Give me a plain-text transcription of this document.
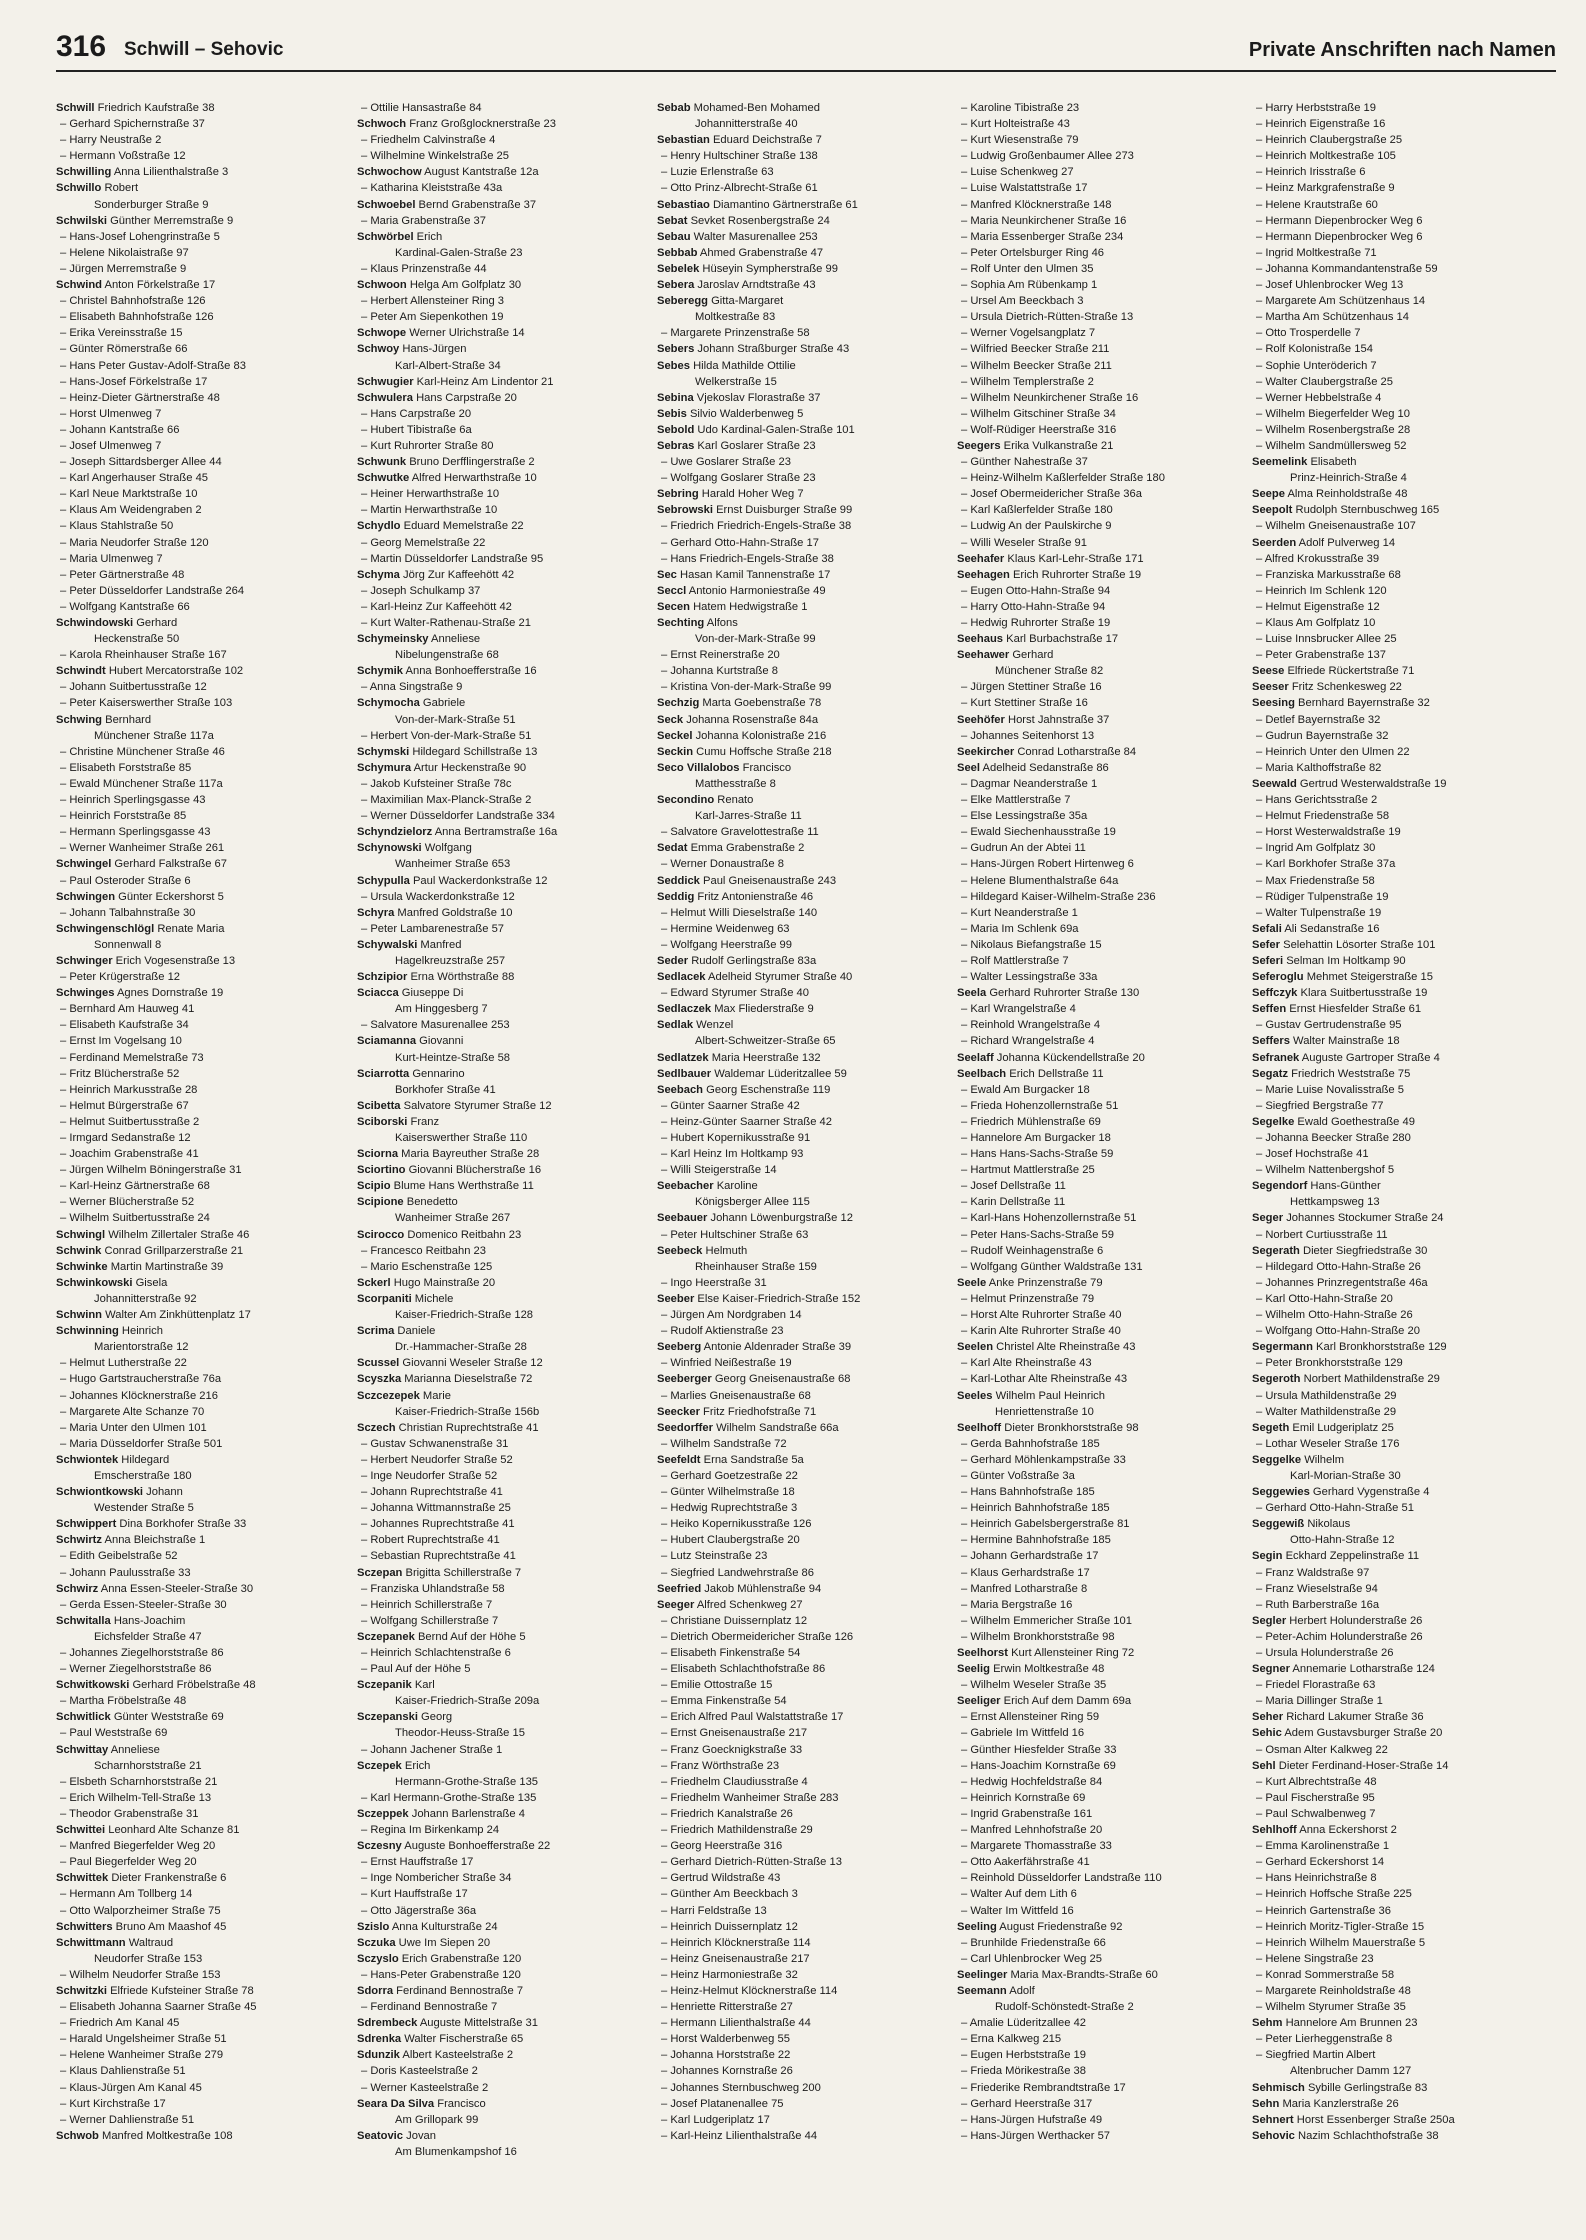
316 Schwill – Sehovic	Private Anschriften nach Namen
Schwill Friedrich Kaufstraße 38
– Gerhard Spichernstraße 37
– Harry Neustraße 2
– Hermann Voßstraße 12
Schwilling Anna Lilienthalstraße 3
Schwillo Robert
Sonderburger Straße 9
Schwilski Günther Merremstraße 9
– Hans-Josef Lohengrinstraße 5
– Helene Nikolaistraße 97
– Jürgen Merremstraße 9
Schwind Anton Förkelstraße 17
– Christel Bahnhofstraße 126
– Elisabeth Bahnhofstraße 126
– Erika Vereinsstraße 15
– Günter Römerstraße 66
– Hans Peter Gustav-Adolf-Straße 83
– Hans-Josef Förkelstraße 17
– Heinz-Dieter Gärtnerstraße 48
– Horst Ulmenweg 7
– Johann Kantstraße 66
– Josef Ulmenweg 7
– Joseph Sittardsberger Allee 44
– Karl Angerhauser Straße 45
– Karl Neue Marktstraße 10
– Klaus Am Weidengraben 2
– Klaus Stahlstraße 50
– Maria Neudorfer Straße 120
– Maria Ulmenweg 7
– Peter Gärtnerstraße 48
– Peter Düsseldorfer Landstraße 264
– Wolfgang Kantstraße 66
Schwindowski Gerhard
Heckenstraße 50
– Karola Rheinhauser Straße 167
Schwindt Hubert Mercatorstraße 102
– Johann Suitbertusstraße 12
– Peter Kaiserswerther Straße 103
Schwing Bernhard
Münchener Straße 117a
– Christine Münchener Straße 46
– Elisabeth Forststraße 85
– Ewald Münchener Straße 117a
– Heinrich Sperlingsgasse 43
– Heinrich Forststraße 85
– Hermann Sperlingsgasse 43
– Werner Wanheimer Straße 261
Schwingel Gerhard Falkstraße 67
– Paul Osteroder Straße 6
Schwingen Günter Eckershorst 5
– Johann Talbahnstraße 30
Schwingenschlögl Renate Maria
Sonnenwall 8
Schwinger Erich Vogesenstraße 13
– Peter Krügerstraße 12
Schwinges Agnes Dornstraße 19
– Bernhard Am Hauweg 41
– Elisabeth Kaufstraße 34
– Ernst Im Vogelsang 10
– Ferdinand Memelstraße 73
– Fritz Blücherstraße 52
– Heinrich Markusstraße 28
– Helmut Bürgerstraße 67
– Helmut Suitbertusstraße 2
– Irmgard Sedanstraße 12
– Joachim Grabenstraße 41
– Jürgen Wilhelm Böningerstraße 31
– Karl-Heinz Gärtnerstraße 68
– Werner Blücherstraße 52
– Wilhelm Suitbertusstraße 24
Schwingl Wilhelm Zillertaler Straße 46
Schwink Conrad Grillparzerstraße 21
Schwinke Martin Martinstraße 39
Schwinkowski Gisela
Johannitterstraße 92
Schwinn Walter Am Zinkhüttenplatz 17
Schwinning Heinrich
Marientorstraße 12
– Helmut Lutherstraße 22
– Hugo Gartstraucherstraße 76a
– Johannes Klöcknerstraße 216
– Margarete Alte Schanze 70
– Maria Unter den Ulmen 101
– Maria Düsseldorfer Straße 501
Schwiontek Hildegard
Emscherstraße 180
Schwiontkowski Johann
Westender Straße 5
Schwippert Dina Borkhofer Straße 33
Schwirtz Anna Bleichstraße 1
– Edith Geibelstraße 52
– Johann Paulusstraße 33
Schwirz Anna Essen-Steeler-Straße 30
– Gerda Essen-Steeler-Straße 30
Schwitalla Hans-Joachim
Eichsfelder Straße 47
– Johannes Ziegelhorststraße 86
– Werner Ziegelhorststraße 86
Schwitkowski Gerhard Fröbelstraße 48
– Martha Fröbelstraße 48
Schwitlick Günter Weststraße 69
– Paul Weststraße 69
Schwittay Anneliese
Scharnhorststraße 21
– Elsbeth Scharnhorststraße 21
– Erich Wilhelm-Tell-Straße 13
– Theodor Grabenstraße 31
Schwittei Leonhard Alte Schanze 81
– Manfred Biegerfelder Weg 20
– Paul Biegerfelder Weg 20
Schwittek Dieter Frankenstraße 6
– Hermann Am Tollberg 14
– Otto Walporzheimer Straße 75
Schwitters Bruno Am Maashof 45
Schwittmann Waltraud
Neudorfer Straße 153
– Wilhelm Neudorfer Straße 153
Schwitzki Elfriede Kufsteiner Straße 78
– Elisabeth Johanna Saarner Straße 45
– Friedrich Am Kanal 45
– Harald Ungelsheimer Straße 51
– Helene Wanheimer Straße 279
– Klaus Dahlienstraße 51
– Klaus-Jürgen Am Kanal 45
– Kurt Kirchstraße 17
– Werner Dahlienstraße 51
Schwob Manfred Moltkestraße 108
– Ottilie Hansastraße 84
Schwoch Franz Großglocknerstraße 23
– Friedhelm Calvinstraße 4
– Wilhelmine Winkelstraße 25
Schwochow August Kantstraße 12a
– Katharina Kleiststraße 43a
Schwoebel Bernd Grabenstraße 37
– Maria Grabenstraße 37
Schwörbel Erich
Kardinal-Galen-Straße 23
– Klaus Prinzenstraße 44
Schwoon Helga Am Golfplatz 30
– Herbert Allensteiner Ring 3
– Peter Am Siepenkothen 19
Schwope Werner Ulrichstraße 14
Schwoy Hans-Jürgen
Karl-Albert-Straße 34
Schwugier Karl-Heinz Am Lindentor 21
Schwulera Hans Carpstraße 20
– Hans Carpstraße 20
– Hubert Tibistraße 6a
– Kurt Ruhrorter Straße 80
Schwunk Bruno Derfflingerstraße 2
Schwutke Alfred Herwarthstraße 10
– Heiner Herwarthstraße 10
– Martin Herwarthstraße 10
Schydlo Eduard Memelstraße 22
– Georg Memelstraße 22
– Martin Düsseldorfer Landstraße 95
Schyma Jörg Zur Kaffeehött 42
– Joseph Schulkamp 37
– Karl-Heinz Zur Kaffeehött 42
– Kurt Walter-Rathenau-Straße 21
Schymeinsky Anneliese
Nibelungenstraße 68
Schymik Anna Bonhoefferstraße 16
– Anna Singstraße 9
Schymocha Gabriele
Von-der-Mark-Straße 51
– Herbert Von-der-Mark-Straße 51
Schymski Hildegard Schillstraße 13
Schymura Artur Heckenstraße 90
– Jakob Kufsteiner Straße 78c
– Maximilian Max-Planck-Straße 2
– Werner Düsseldorfer Landstraße 334
Schyndzielorz Anna Bertramstraße 16a
Schynowski Wolfgang
Wanheimer Straße 653
Schypulla Paul Wackerdonkstraße 12
– Ursula Wackerdonkstraße 12
Schyra Manfred Goldstraße 10
– Peter Lambarenestraße 57
Schywalski Manfred
Hagelkreuzstraße 257
Schzipior Erna Wörthstraße 88
Sciacca Giuseppe Di
Am Hinggesberg 7
– Salvatore Masurenallee 253
Sciamanna Giovanni
Kurt-Heintze-Straße 58
Sciarrotta Gennarino
Borkhofer Straße 41
Scibetta Salvatore Styrumer Straße 12
Sciborski Franz
Kaiserswerther Straße 110
Sciorna Maria Bayreuther Straße 28
Sciortino Giovanni Blücherstraße 16
Scipio Blume Hans Werthstraße 11
Scipione Benedetto
Wanheimer Straße 267
Scirocco Domenico Reitbahn 23
– Francesco Reitbahn 23
– Mario Eschenstraße 125
Sckerl Hugo Mainstraße 20
Scorpaniti Michele
Kaiser-Friedrich-Straße 128
Scrima Daniele
Dr.-Hammacher-Straße 28
Scussel Giovanni Weseler Straße 12
Scyszka Marianna Dieselstraße 72
Sczcezepek Marie
Kaiser-Friedrich-Straße 156b
Sczech Christian Ruprechtstraße 41
– Gustav Schwanenstraße 31
– Herbert Neudorfer Straße 52
– Inge Neudorfer Straße 52
– Johann Ruprechtstraße 41
– Johanna Wittmannstraße 25
– Johannes Ruprechtstraße 41
– Robert Ruprechtstraße 41
– Sebastian Ruprechtstraße 41
Sczepan Brigitta Schillerstraße 7
– Franziska Uhlandstraße 58
– Heinrich Schillerstraße 7
– Wolfgang Schillerstraße 7
Sczepanek Bernd Auf der Höhe 5
– Heinrich Schlachtenstraße 6
– Paul Auf der Höhe 5
Sczepanik Karl
Kaiser-Friedrich-Straße 209a
Sczepanski Georg
Theodor-Heuss-Straße 15
– Johann Jachener Straße 1
Sczepek Erich
Hermann-Grothe-Straße 135
– Karl Hermann-Grothe-Straße 135
Sczeppek Johann Barlenstraße 4
– Regina Im Birkenkamp 24
Sczesny Auguste Bonhoefferstraße 22
– Ernst Hauffstraße 17
– Inge Nombericher Straße 34
– Kurt Hauffstraße 17
– Otto Jägerstraße 36a
Szislo Anna Kulturstraße 24
Sczuka Uwe Im Siepen 20
Sczyslo Erich Grabenstraße 120
– Hans-Peter Grabenstraße 120
Sdorra Ferdinand Bennostraße 7
– Ferdinand Bennostraße 7
Sdrembeck Auguste Mittelstraße 31
Sdrenka Walter Fischerstraße 65
Sdunzik Albert Kasteelstraße 2
– Doris Kasteelstraße 2
– Werner Kasteelstraße 2
Seara Da Silva Francisco
Am Grillopark 99
Seatovic Jovan
Am Blumenkampshof 16
Sebab Mohamed-Ben Mohamed
Johannitterstraße 40
Sebastian Eduard Deichstraße 7
– Henry Hultschiner Straße 138
– Luzie Erlenstraße 63
– Otto Prinz-Albrecht-Straße 61
Sebastiao Diamantino Gärtnerstraße 61
Sebat Sevket Rosenbergstraße 24
Sebau Walter Masurenallee 253
Sebbab Ahmed Grabenstraße 47
Sebelek Hüseyin Sympherstraße 99
Sebera Jaroslav Arndtstraße 43
Seberegg Gitta-Margaret
Moltkestraße 83
– Margarete Prinzenstraße 58
Sebers Johann Straßburger Straße 43
Sebes Hilda Mathilde Ottilie
Welkerstraße 15
Sebina Vjekoslav Florastraße 37
Sebis Silvio Walderbenweg 5
Sebold Udo Kardinal-Galen-Straße 101
Sebras Karl Goslarer Straße 23
– Uwe Goslarer Straße 23
– Wolfgang Goslarer Straße 23
Sebring Harald Hoher Weg 7
Sebrowski Ernst Duisburger Straße 99
– Friedrich Friedrich-Engels-Straße 38
– Gerhard Otto-Hahn-Straße 17
– Hans Friedrich-Engels-Straße 38
Sec Hasan Kamil Tannenstraße 17
Seccl Antonio Harmoniestraße 49
Secen Hatem Hedwigstraße 1
Sechting Alfons
Von-der-Mark-Straße 99
– Ernst Reinerstraße 20
– Johanna Kurtstraße 8
– Kristina Von-der-Mark-Straße 99
Sechzig Marta Goebenstraße 78
Seck Johanna Rosenstraße 84a
Seckel Johanna Kolonistraße 216
Seckin Cumu Hoffsche Straße 218
Seco Villalobos Francisco
Matthesstraße 8
Secondino Renato
Karl-Jarres-Straße 11
– Salvatore Gravelottestraße 11
Sedat Emma Grabenstraße 2
– Werner Donaustraße 8
Seddick Paul Gneisenaustraße 243
Seddig Fritz Antonienstraße 46
– Helmut Willi Dieselstraße 140
– Hermine Weidenweg 63
– Wolfgang Heerstraße 99
Seder Rudolf Gerlingstraße 83a
Sedlacek Adelheid Styrumer Straße 40
– Edward Styrumer Straße 40
Sedlaczek Max Fliederstraße 9
Sedlak Wenzel
Albert-Schweitzer-Straße 65
Sedlatzek Maria Heerstraße 132
Sedlbauer Waldemar Lüderitzallee 59
Seebach Georg Eschenstraße 119
– Günter Saarner Straße 42
– Heinz-Günter Saarner Straße 42
– Hubert Kopernikusstraße 91
– Karl Heinz Im Holtkamp 93
– Willi Steigerstraße 14
Seebacher Karoline
Königsberger Allee 115
Seebauer Johann Löwenburgstraße 12
– Peter Hultschiner Straße 63
Seebeck Helmuth
Rheinhauser Straße 159
– Ingo Heerstraße 31
Seeber Else Kaiser-Friedrich-Straße 152
– Jürgen Am Nordgraben 14
– Rudolf Aktienstraße 23
Seeberg Antonie Aldenrader Straße 39
– Winfried Neißestraße 19
Seeberger Georg Gneisenaustraße 68
– Marlies Gneisenaustraße 68
Seecker Fritz Friedhofstraße 71
Seedorffer Wilhelm Sandstraße 66a
– Wilhelm Sandstraße 72
Seefeldt Erna Sandstraße 5a
– Gerhard Goetzestraße 22
– Günter Wilhelmstraße 18
– Hedwig Ruprechtstraße 3
– Heiko Kopernikusstraße 126
– Hubert Claubergstraße 20
– Lutz Steinstraße 23
– Siegfried Landwehrstraße 86
Seefried Jakob Mühlenstraße 94
Seeger Alfred Schenkweg 27
– Christiane Duissernplatz 12
– Dietrich Obermeidericher Straße 126
– Elisabeth Finkenstraße 54
– Elisabeth Schlachthofstraße 86
– Emilie Ottostraße 15
– Emma Finkenstraße 54
– Erich Alfred Paul Walstattstraße 17
– Ernst Gneisenaustraße 217
– Franz Goecknigkstraße 33
– Franz Wörthstraße 23
– Friedhelm Claudiusstraße 4
– Friedhelm Wanheimer Straße 283
– Friedrich Kanalstraße 26
– Friedrich Mathildenstraße 29
– Georg Heerstraße 316
– Gerhard Dietrich-Rütten-Straße 13
– Gertrud Wildstraße 43
– Günther Am Beeckbach 3
– Harri Feldstraße 13
– Heinrich Duissernplatz 12
– Heinrich Klöcknerstraße 114
– Heinz Gneisenaustraße 217
– Heinz Harmoniestraße 32
– Heinz-Helmut Klöcknerstraße 114
– Henriette Ritterstraße 27
– Hermann Lilienthalstraße 44
– Horst Walderbenweg 55
– Johanna Horststraße 22
– Johannes Kornstraße 26
– Johannes Sternbuschweg 200
– Josef Platanenallee 75
– Karl Ludgeriplatz 17
– Karl-Heinz Lilienthalstraße 44
– Karoline Tibistraße 23
– Kurt Holteistraße 43
– Kurt Wiesenstraße 79
– Ludwig Großenbaumer Allee 273
– Luise Schenkweg 27
– Luise Walstattstraße 17
– Manfred Klöcknerstraße 148
– Maria Neunkirchener Straße 16
– Maria Essenberger Straße 234
– Peter Ortelsburger Ring 46
– Rolf Unter den Ulmen 35
– Sophia Am Rübenkamp 1
– Ursel Am Beeckbach 3
– Ursula Dietrich-Rütten-Straße 13
– Werner Vogelsangplatz 7
– Wilfried Beecker Straße 211
– Wilhelm Beecker Straße 211
– Wilhelm Templerstraße 2
– Wilhelm Neunkirchener Straße 16
– Wilhelm Gitschiner Straße 34
– Wolf-Rüdiger Heerstraße 316
Seegers Erika Vulkanstraße 21
– Günther Nahestraße 37
– Heinz-Wilhelm Kaßlerfelder Straße 180
– Josef Obermeidericher Straße 36a
– Karl Kaßlerfelder Straße 180
– Ludwig An der Paulskirche 9
– Willi Weseler Straße 91
Seehafer Klaus Karl-Lehr-Straße 171
Seehagen Erich Ruhrorter Straße 19
– Eugen Otto-Hahn-Straße 94
– Harry Otto-Hahn-Straße 94
– Hedwig Ruhrorter Straße 19
Seehaus Karl Burbachstraße 17
Seehawer Gerhard
Münchener Straße 82
– Jürgen Stettiner Straße 16
– Kurt Stettiner Straße 16
Seehöfer Horst Jahnstraße 37
– Johannes Seitenhorst 13
Seekircher Conrad Lotharstraße 84
Seel Adelheid Sedanstraße 86
– Dagmar Neanderstraße 1
– Elke Mattlerstraße 7
– Else Lessingstraße 35a
– Ewald Siechenhausstraße 19
– Gudrun An der Abtei 11
– Hans-Jürgen Robert Hirtenweg 6
– Helene Blumenthalstraße 64a
– Hildegard Kaiser-Wilhelm-Straße 236
– Kurt Neanderstraße 1
– Maria Im Schlenk 69a
– Nikolaus Biefangstraße 15
– Rolf Mattlerstraße 7
– Walter Lessingstraße 33a
Seela Gerhard Ruhrorter Straße 130
– Karl Wrangelstraße 4
– Reinhold Wrangelstraße 4
– Richard Wrangelstraße 4
Seelaff Johanna Kückendellstraße 20
Seelbach Erich Dellstraße 11
– Ewald Am Burgacker 18
– Frieda Hohenzollernstraße 51
– Friedrich Mühlenstraße 69
– Hannelore Am Burgacker 18
– Hans Hans-Sachs-Straße 59
– Hartmut Mattlerstraße 25
– Josef Dellstraße 11
– Karin Dellstraße 11
– Karl-Hans Hohenzollernstraße 51
– Peter Hans-Sachs-Straße 59
– Rudolf Weinhagenstraße 6
– Wolfgang Günther Waldstraße 131
Seele Anke Prinzenstraße 79
– Helmut Prinzenstraße 79
– Horst Alte Ruhrorter Straße 40
– Karin Alte Ruhrorter Straße 40
Seelen Christel Alte Rheinstraße 43
– Karl Alte Rheinstraße 43
– Karl-Lothar Alte Rheinstraße 43
Seeles Wilhelm Paul Heinrich
Henriettenstraße 10
Seelhoff Dieter Bronkhorststraße 98
– Gerda Bahnhofstraße 185
– Gerhard Möhlenkampstraße 33
– Günter Voßstraße 3a
– Hans Bahnhofstraße 185
– Heinrich Bahnhofstraße 185
– Heinrich Gabelsbergerstraße 81
– Hermine Bahnhofstraße 185
– Johann Gerhardstraße 17
– Klaus Gerhardstraße 17
– Manfred Lotharstraße 8
– Maria Bergstraße 16
– Wilhelm Emmericher Straße 101
– Wilhelm Bronkhorststraße 98
Seelhorst Kurt Allensteiner Ring 72
Seelig Erwin Moltkestraße 48
– Wilhelm Weseler Straße 35
Seeliger Erich Auf dem Damm 69a
– Ernst Allensteiner Ring 59
– Gabriele Im Wittfeld 16
– Günther Hiesfelder Straße 33
– Hans-Joachim Kornstraße 69
– Hedwig Hochfeldstraße 84
– Heinrich Kornstraße 69
– Ingrid Grabenstraße 161
– Manfred Lehnhofstraße 20
– Margarete Thomasstraße 33
– Otto Aakerfährstraße 41
– Reinhold Düsseldorfer Landstraße 110
– Walter Auf dem Lith 6
– Walter Im Wittfeld 16
Seeling August Friedenstraße 92
– Brunhilde Friedenstraße 66
– Carl Uhlenbrocker Weg 25
Seelinger Maria Max-Brandts-Straße 60
Seemann Adolf
Rudolf-Schönstedt-Straße 2
– Amalie Lüderitzallee 42
– Erna Kalkweg 215
– Eugen Herbststraße 19
– Frieda Mörikestraße 38
– Friederike Rembrandtstraße 17
– Gerhard Heerstraße 317
– Hans-Jürgen Hufstraße 49
– Hans-Jürgen Werthacker 57
– Harry Herbststraße 19
– Heinrich Eigenstraße 16
– Heinrich Claubergstraße 25
– Heinrich Moltkestraße 105
– Heinrich Irisstraße 6
– Heinz Markgrafenstraße 9
– Helene Krautstraße 60
– Hermann Diepenbrocker Weg 6
– Hermann Diepenbrocker Weg 6
– Ingrid Moltkestraße 71
– Johanna Kommandantenstraße 59
– Josef Uhlenbrocker Weg 13
– Margarete Am Schützenhaus 14
– Martha Am Schützenhaus 14
– Otto Trosperdelle 7
– Rolf Kolonistraße 154
– Sophie Unteröderich 7
– Walter Claubergstraße 25
– Werner Hebbelstraße 4
– Wilhelm Biegerfelder Weg 10
– Wilhelm Rosenbergstraße 28
– Wilhelm Sandmüllersweg 52
Seemelink Elisabeth
Prinz-Heinrich-Straße 4
Seepe Alma Reinholdstraße 48
Seepolt Rudolph Sternbuschweg 165
– Wilhelm Gneisenaustraße 107
Seerden Adolf Pulverweg 14
– Alfred Krokusstraße 39
– Franziska Markusstraße 68
– Heinrich Im Schlenk 120
– Helmut Eigenstraße 12
– Klaus Am Golfplatz 10
– Luise Innsbrucker Allee 25
– Peter Grabenstraße 137
Seese Elfriede Rückertstraße 71
Seeser Fritz Schenkesweg 22
Seesing Bernhard Bayernstraße 32
– Detlef Bayernstraße 32
– Gudrun Bayernstraße 32
– Heinrich Unter den Ulmen 22
– Maria Kalthoffstraße 82
Seewald Gertrud Westerwaldstraße 19
– Hans Gerichtsstraße 2
– Helmut Friedenstraße 58
– Horst Westerwaldstraße 19
– Ingrid Am Golfplatz 30
– Karl Borkhofer Straße 37a
– Max Friedenstraße 58
– Rüdiger Tulpenstraße 19
– Walter Tulpenstraße 19
Sefali Ali Sedanstraße 16
Sefer Selehattin Lösorter Straße 101
Seferi Selman Im Holtkamp 90
Seferoglu Mehmet Steigerstraße 15
Seffczyk Klara Suitbertusstraße 19
Seffen Ernst Hiesfelder Straße 61
– Gustav Gertrudenstraße 95
Seffers Walter Mainstraße 18
Sefranek Auguste Gartroper Straße 4
Segatz Friedrich Weststraße 75
– Marie Luise Novalisstraße 5
– Siegfried Bergstraße 77
Segelke Ewald Goethestraße 49
– Johanna Beecker Straße 280
– Josef Hochstraße 41
– Wilhelm Nattenbergshof 5
Segendorf Hans-Günther
Hettkampsweg 13
Seger Johannes Stockumer Straße 24
– Norbert Curtiusstraße 11
Segerath Dieter Siegfriedstraße 30
– Hildegard Otto-Hahn-Straße 26
– Johannes Prinzregentstraße 46a
– Karl Otto-Hahn-Straße 20
– Wilhelm Otto-Hahn-Straße 26
– Wolfgang Otto-Hahn-Straße 20
Segermann Karl Bronkhorststraße 129
– Peter Bronkhorststraße 129
Segeroth Norbert Mathildenstraße 29
– Ursula Mathildenstraße 29
– Walter Mathildenstraße 29
Segeth Emil Ludgeriplatz 25
– Lothar Weseler Straße 176
Seggelke Wilhelm
Karl-Morian-Straße 30
Seggewies Gerhard Vygenstraße 4
– Gerhard Otto-Hahn-Straße 51
Seggewiß Nikolaus
Otto-Hahn-Straße 12
Segin Eckhard Zeppelinstraße 11
– Franz Waldstraße 97
– Franz Wieselstraße 94
– Ruth Barberstraße 16a
Segler Herbert Holunderstraße 26
– Peter-Achim Holunderstraße 26
– Ursula Holunderstraße 26
Segner Annemarie Lotharstraße 124
– Friedel Florastraße 63
– Maria Dillinger Straße 1
Seher Richard Lakumer Straße 36
Sehic Adem Gustavsburger Straße 20
– Osman Alter Kalkweg 22
Sehl Dieter Ferdinand-Hoser-Straße 14
– Kurt Albrechtstraße 48
– Paul Fischerstraße 95
– Paul Schwalbenweg 7
Sehlhoff Anna Eckershorst 2
– Emma Karolinenstraße 1
– Gerhard Eckershorst 14
– Hans Heinrichstraße 8
– Heinrich Hoffsche Straße 225
– Heinrich Gartenstraße 36
– Heinrich Moritz-Tigler-Straße 15
– Heinrich Wilhelm Mauerstraße 5
– Helene Singstraße 23
– Konrad Sommerstraße 58
– Margarete Reinholdstraße 48
– Wilhelm Styrumer Straße 35
Sehm Hannelore Am Brunnen 23
– Peter Lierheggenstraße 8
– Siegfried Martin Albert
Altenbrucher Damm 127
Sehmisch Sybille Gerlingstraße 83
Sehn Maria Kanzlerstraße 26
Sehnert Horst Essenberger Straße 250a
Sehovic Nazim Schlachthofstraße 38
